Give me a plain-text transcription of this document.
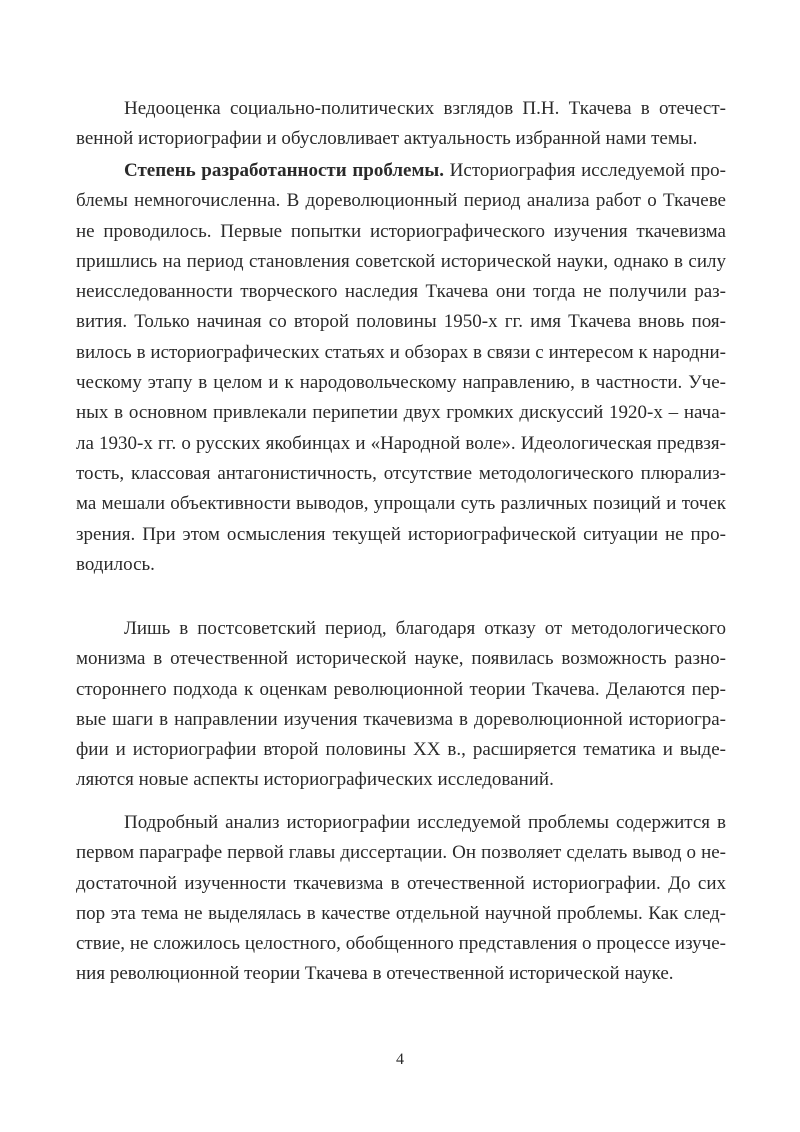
Недооценка социально-политических взглядов П.Н. Ткачева в отечест-
венной историографии и обусловливает актуальность избранной нами темы.
Степень разработанности проблемы. Историография исследуемой про-
блемы немногочисленна. В дореволюционный период анализа работ о Ткачеве
не проводилось. Первые попытки историографического изучения ткачевизма
пришлись на период становления советской исторической науки, однако в силу
неисследованности творческого наследия Ткачева они тогда не получили раз-
вития. Только начиная со второй половины 1950-х гг. имя Ткачева вновь поя-
вилось в историографических статьях и обзорах в связи с интересом к народни-
ческому этапу в целом и к народовольческому направлению, в частности. Уче-
ных в основном привлекали перипетии двух громких дискуссий 1920-х – нача-
ла 1930-х гг. о русских якобинцах и «Народной воле». Идеологическая предвзя-
тость, классовая антагонистичность, отсутствие методологического плюрализ-
ма мешали объективности выводов, упрощали суть различных позиций и точек
зрения. При этом осмысления текущей историографической ситуации не про-
водилось.
Лишь в постсоветский период, благодаря отказу от методологического
монизма в отечественной исторической науке, появилась возможность разно-
стороннего подхода к оценкам революционной теории Ткачева. Делаются пер-
вые шаги в направлении изучения ткачевизма в дореволюционной историогра-
фии и историографии второй половины XX в., расширяется тематика и выде-
ляются новые аспекты историографических исследований.
Подробный анализ историографии исследуемой проблемы содержится в
первом параграфе первой главы диссертации. Он позволяет сделать вывод о не-
достаточной изученности ткачевизма в отечественной историографии. До сих
пор эта тема не выделялась в качестве отдельной научной проблемы. Как след-
ствие, не сложилось целостного, обобщенного представления о процессе изуче-
ния революционной теории Ткачева в отечественной исторической науке.
4
